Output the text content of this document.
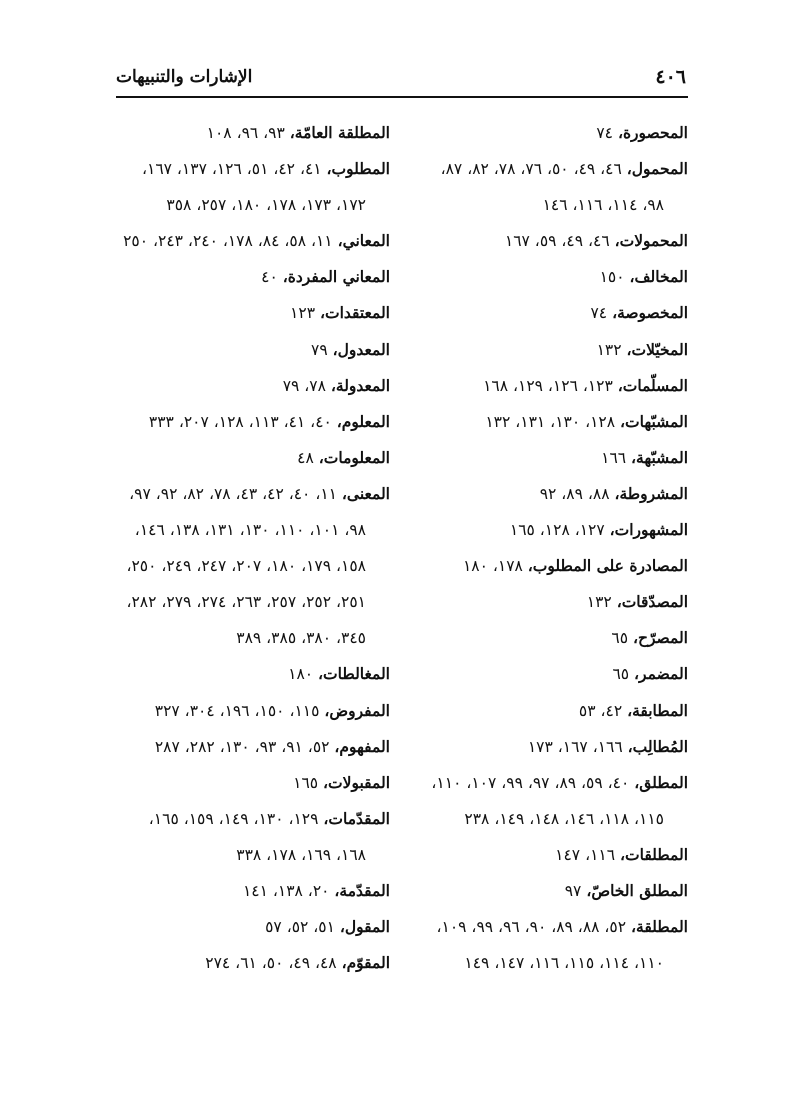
٤٠٦
الإشارات والتنبيهات
المحصورة، ٧٤
المحمول، ٤٦، ٤٩، ٥٠، ٧٦، ٧٨، ٨٢، ٨٧،
٩٨، ١١٤، ١١٦، ١٤٦
المحمولات، ٤٦، ٤٩، ٥٩، ١٦٧
المخالف، ١٥٠
المخصوصة، ٧٤
المخيّلات، ١٣٢
المسلّمات، ١٢٣، ١٢٦، ١٢٩، ١٦٨
المشبّهات، ١٢٨، ١٣٠، ١٣١، ١٣٢
المشبّهة، ١٦٦
المشروطة، ٨٨، ٨٩، ٩٢
المشهورات، ١٢٧، ١٢٨، ١٦٥
المصادرة على المطلوب، ١٧٨، ١٨٠
المصدّقات، ١٣٢
المصرّح، ٦٥
المضمر، ٦٥
المطابقة، ٤٢، ٥٣
المُطالِب، ١٦٦، ١٦٧، ١٧٣
المطلق، ٤٠، ٥٩، ٨٩، ٩٧، ٩٩، ١٠٧، ١١٠،
١١٥، ١١٨، ١٤٦، ١٤٨، ١٤٩، ٢٣٨
المطلقات، ١١٦، ١٤٧
المطلق الخاصّ، ٩٧
المطلقة، ٥٢، ٨٨، ٨٩، ٩٠، ٩٦، ٩٩، ١٠٩،
١١٠، ١١٤، ١١٥، ١١٦، ١٤٧، ١٤٩
المطلقة العامّة، ٩٣، ٩٦، ١٠٨
المطلوب، ٤١، ٤٢، ٥١، ١٢٦، ١٣٧، ١٦٧،
١٧٢، ١٧٣، ١٧٨، ١٨٠، ٢٥٧، ٣٥٨
المعاني، ١١، ٥٨، ٨٤، ١٧٨، ٢٤٠، ٢٤٣، ٢٥٠
المعاني المفردة، ٤٠
المعتقدات، ١٢٣
المعدول، ٧٩
المعدولة، ٧٨، ٧٩
المعلوم، ٤٠، ٤١، ١١٣، ١٢٨، ٢٠٧، ٣٣٣
المعلومات، ٤٨
المعنى، ١١، ٤٠، ٤٢، ٤٣، ٧٨، ٨٢، ٩٢، ٩٧،
٩٨، ١٠١، ١١٠، ١٣٠، ١٣١، ١٣٨، ١٤٦،
١٥٨، ١٧٩، ١٨٠، ٢٠٧، ٢٤٧، ٢٤٩، ٢٥٠،
٢٥١، ٢٥٢، ٢٥٧، ٢٦٣، ٢٧٤، ٢٧٩، ٢٨٢،
٣٤٥، ٣٨٠، ٣٨٥، ٣٨٩
المغالطات، ١٨٠
المفروض، ١١٥، ١٥٠، ١٩٦، ٣٠٤، ٣٢٧
المفهوم، ٥٢، ٩١، ٩٣، ١٣٠، ٢٨٢، ٢٨٧
المقبولات، ١٦٥
المقدّمات، ١٢٩، ١٣٠، ١٤٩، ١٥٩، ١٦٥،
١٦٨، ١٦٩، ١٧٨، ٣٣٨
المقدّمة، ٢٠، ١٣٨، ١٤١
المقول، ٥١، ٥٢، ٥٧
المقوّم، ٤٨، ٤٩، ٥٠، ٦١، ٢٧٤
